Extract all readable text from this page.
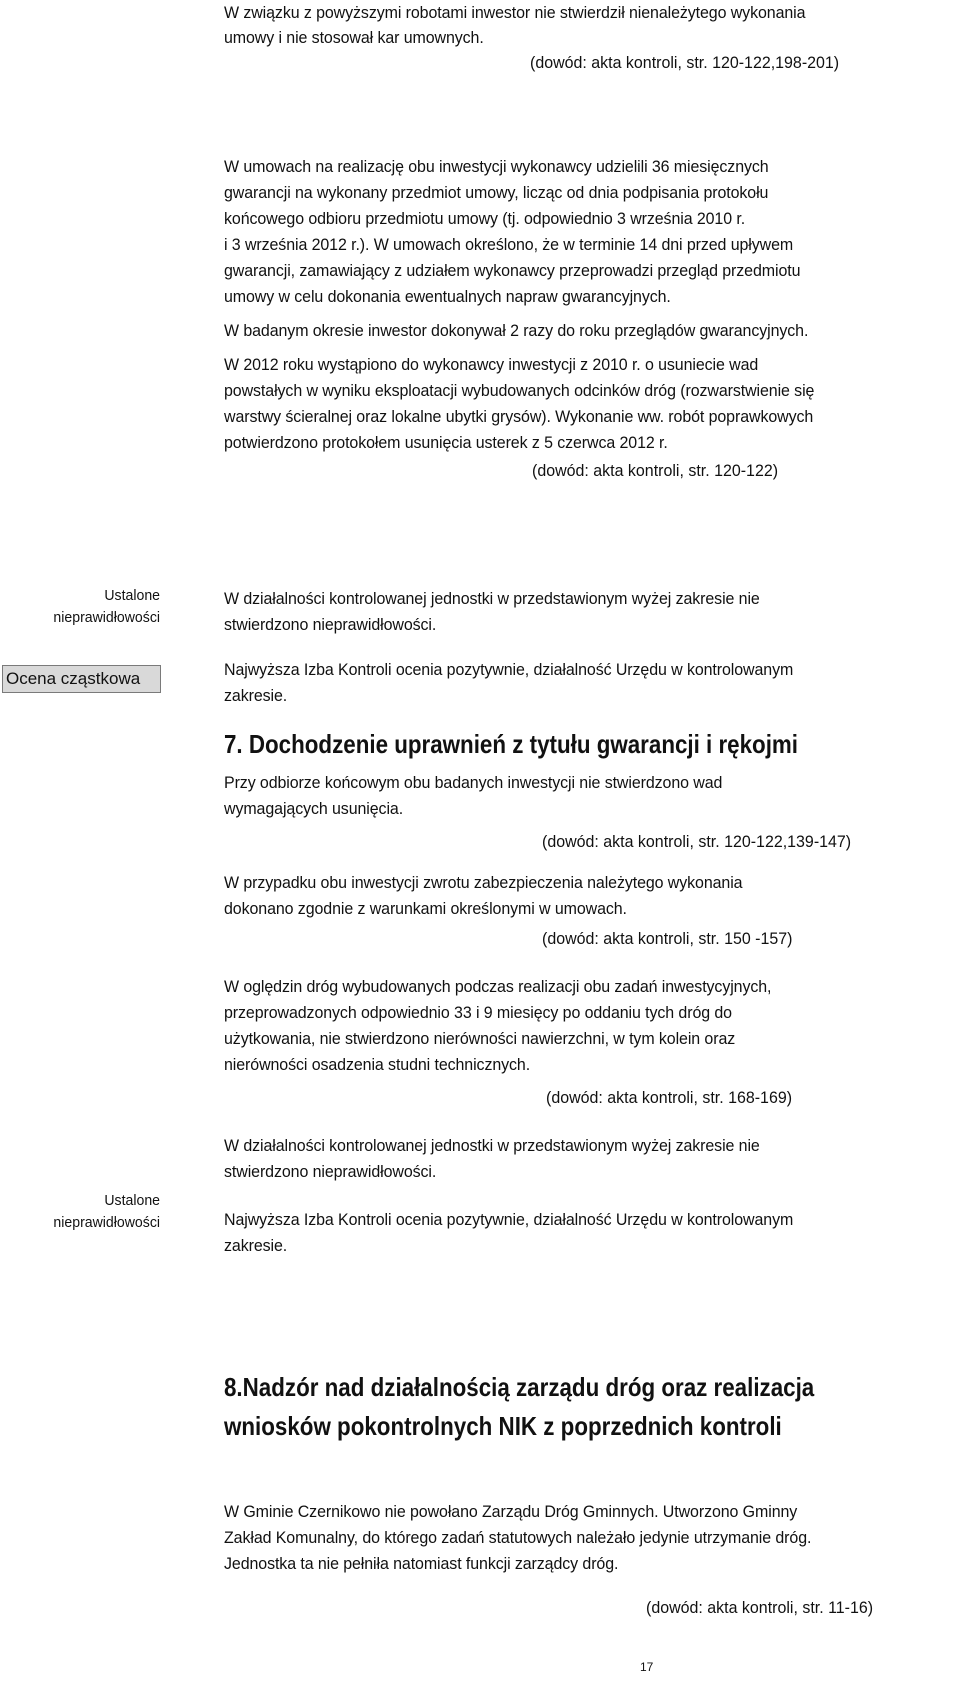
W związku z powyższymi robotami inwestor nie stwierdził nienależytego wykonania
umowy i nie stosował kar umownych.
(dowód: akta kontroli, str. 120-122,198-201)
W umowach na realizację obu inwestycji wykonawcy udzielili 36 miesięcznych
gwarancji na wykonany przedmiot umowy, licząc od dnia podpisania protokołu
końcowego odbioru przedmiotu umowy (tj. odpowiednio 3 września 2010 r.
i 3 września 2012 r.). W umowach określono, że w terminie 14 dni przed upływem
gwarancji, zamawiający z udziałem wykonawcy przeprowadzi przegląd przedmiotu
umowy w celu dokonania ewentualnych napraw gwarancyjnych.
W badanym okresie inwestor dokonywał 2 razy do roku przeglądów gwarancyjnych.
W 2012 roku wystąpiono do wykonawcy inwestycji z 2010 r. o usuniecie wad
powstałych w wyniku eksploatacji wybudowanych odcinków dróg (rozwarstwienie się
warstwy ścieralnej oraz lokalne ubytki grysów). Wykonanie ww. robót poprawkowych
potwierdzono protokołem usunięcia usterek z 5 czerwca 2012 r.
(dowód: akta kontroli, str. 120-122)
Ustalone
nieprawidłowości
Ocena cząstkowa
Ustalone
nieprawidłowości
W działalności kontrolowanej jednostki w przedstawionym wyżej zakresie nie
stwierdzono nieprawidłowości.
Najwyższa Izba Kontroli ocenia pozytywnie, działalność Urzędu w kontrolowanym
zakresie.
7. Dochodzenie uprawnień z tytułu gwarancji i rękojmi
Przy odbiorze końcowym obu badanych inwestycji nie stwierdzono wad
wymagających usunięcia.
(dowód: akta kontroli, str. 120-122,139-147)
W przypadku obu inwestycji zwrotu zabezpieczenia należytego wykonania
dokonano zgodnie z warunkami określonymi w umowach.
(dowód: akta kontroli, str. 150 -157)
W oględzin dróg wybudowanych podczas realizacji obu zadań inwestycyjnych,
przeprowadzonych odpowiednio 33 i 9 miesięcy po oddaniu tych dróg do
użytkowania, nie stwierdzono nierówności nawierzchni, w tym kolein oraz
nierówności osadzenia studni technicznych.
(dowód: akta kontroli, str. 168-169)
W działalności kontrolowanej jednostki w przedstawionym wyżej zakresie nie
stwierdzono nieprawidłowości.
Najwyższa Izba Kontroli ocenia pozytywnie, działalność Urzędu w kontrolowanym
zakresie.
8.Nadzór nad działalnością zarządu dróg oraz realizacja
wniosków pokontrolnych NIK z poprzednich kontroli
W Gminie Czernikowo nie powołano Zarządu Dróg Gminnych. Utworzono Gminny
Zakład Komunalny, do którego zadań statutowych należało jedynie utrzymanie dróg.
Jednostka ta nie pełniła natomiast funkcji zarządcy dróg.
(dowód: akta kontroli, str. 11-16)
17
